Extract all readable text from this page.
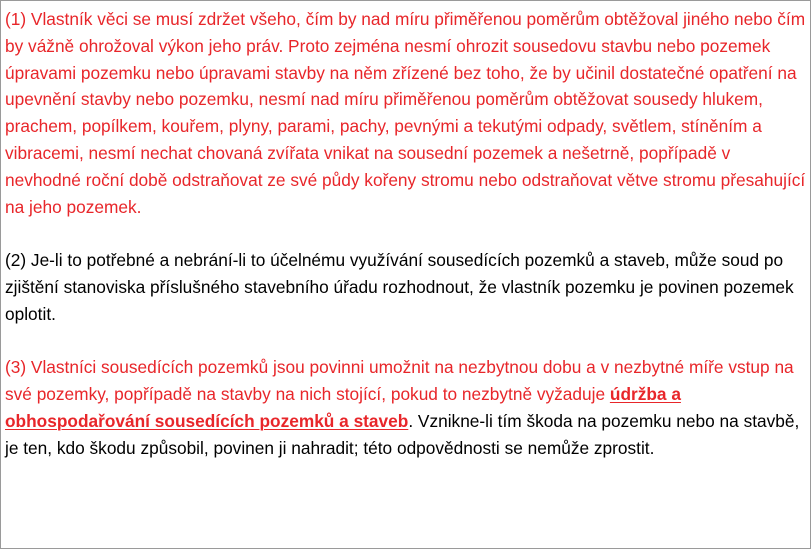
(1) Vlastník věci se musí zdržet všeho, čím by nad míru přiměřenou poměrům obtěžoval jiného nebo čím by vážně ohrožoval výkon jeho práv. Proto zejména nesmí ohrozit sousedovu stavbu nebo pozemek úpravami pozemku nebo úpravami stavby na něm zřízené bez toho, že by učinil dostatečné opatření na upevnění stavby nebo pozemku, nesmí nad míru přiměřenou poměrům obtěžovat sousedy hlukem, prachem, popílkem, kouřem, plyny, parami, pachy, pevnými a tekutými odpady, světlem, stíněním a vibracemi, nesmí nechat chovaná zvířata vnikat na sousední pozemek a nešetrně, popřípadě v nevhodné roční době odstraňovat ze své půdy kořeny stromu nebo odstraňovat větve stromu přesahující na jeho pozemek.

(2) Je-li to potřebné a nebrání-li to účelnému využívání sousedících pozemků a staveb, může soud po zjištění stanoviska příslušného stavebního úřadu rozhodnout, že vlastník pozemku je povinen pozemek oplotit.

(3) Vlastníci sousedících pozemků jsou povinni umožnit na nezbytnou dobu a v nezbytné míře vstup na své pozemky, popřípadě na stavby na nich stojící, pokud to nezbytně vyžaduje údržba a obhospodařování sousedících pozemků a staveb. Vznikne-li tím škoda na pozemku nebo na stavbě, je ten, kdo škodu způsobil, povinen ji nahradit; této odpovědnosti se nemůže zprostit.
